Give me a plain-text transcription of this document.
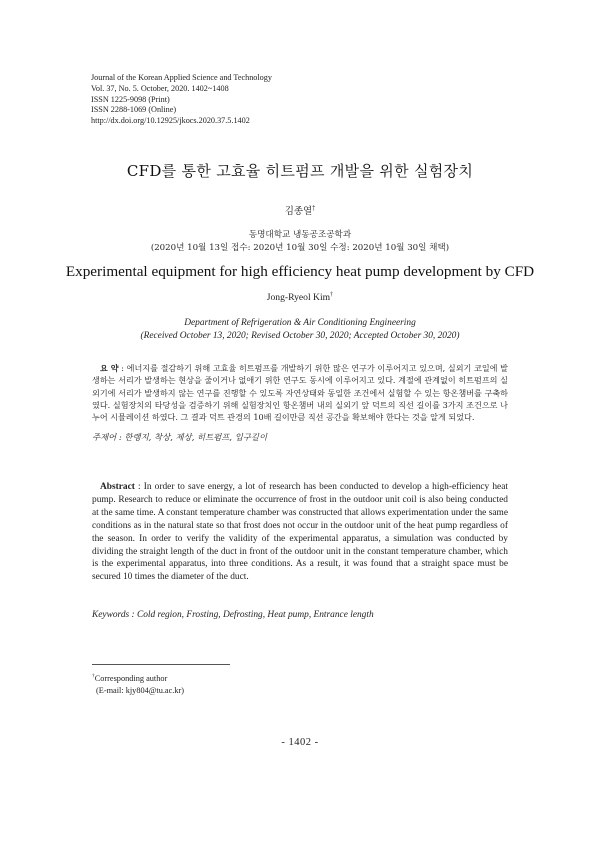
Journal of the Korean Applied Science and Technology
Vol. 37, No. 5. October, 2020. 1402~1408
ISSN 1225-9098 (Print)
ISSN 2288-1069 (Online)
http://dx.doi.org/10.12925/jkocs.2020.37.5.1402
CFD를 통한 고효율 히트펌프 개발을 위한 실험장치
김종열†
동명대학교 냉동공조공학과
(2020년 10월 13일 접수: 2020년 10월 30일 수정: 2020년 10월 30일 채택)
Experimental equipment for high efficiency heat pump development by CFD
Jong-Ryeol Kim†
Department of Refrigeration & Air Conditioning Engineering
(Received October 13, 2020; Revised October 30, 2020; Accepted October 30, 2020)
요 약 : 에너지를 절감하기 위해 고효율 히트펌프를 개발하기 위한 많은 연구가 이루어지고 있으며, 실외기 코일에 발생하는 서리가 발생하는 현상을 줄이거나 없애기 위한 연구도 동시에 이루어지고 있다. 계절에 관계없이 히트펌프의 실외기에 서리가 발생하지 않는 연구를 진행할 수 있도록 자연상태와 동일한 조건에서 실험할 수 있는 항온챔버를 구축하였다. 실험장치의 타당성을 검증하기 위해 실험장치인 항온챔버 내의 실외기 앞 덕트의 직선 길이를 3가지 조건으로 나누어 시뮬레이션 하였다. 그 결과 덕트 관경의 10배 길이만큼 직선 공간을 확보해야 한다는 것을 알게 되었다.
주제어 : 한랭지, 착상, 제상, 히트펌프, 입구길이
Abstract : In order to save energy, a lot of research has been conducted to develop a high-efficiency heat pump. Research to reduce or eliminate the occurrence of frost in the outdoor unit coil is also being conducted at the same time. A constant temperature chamber was constructed that allows experimentation under the same conditions as in the natural state so that frost does not occur in the outdoor unit of the heat pump regardless of the season. In order to verify the validity of the experimental apparatus, a simulation was conducted by dividing the straight length of the duct in front of the outdoor unit in the constant temperature chamber, which is the experimental apparatus, into three conditions. As a result, it was found that a straight space must be secured 10 times the diameter of the duct.
Keywords : Cold region, Frosting, Defrosting, Heat pump, Entrance length
†Corresponding author
(E-mail: kjy804@tu.ac.kr)
- 1402 -
